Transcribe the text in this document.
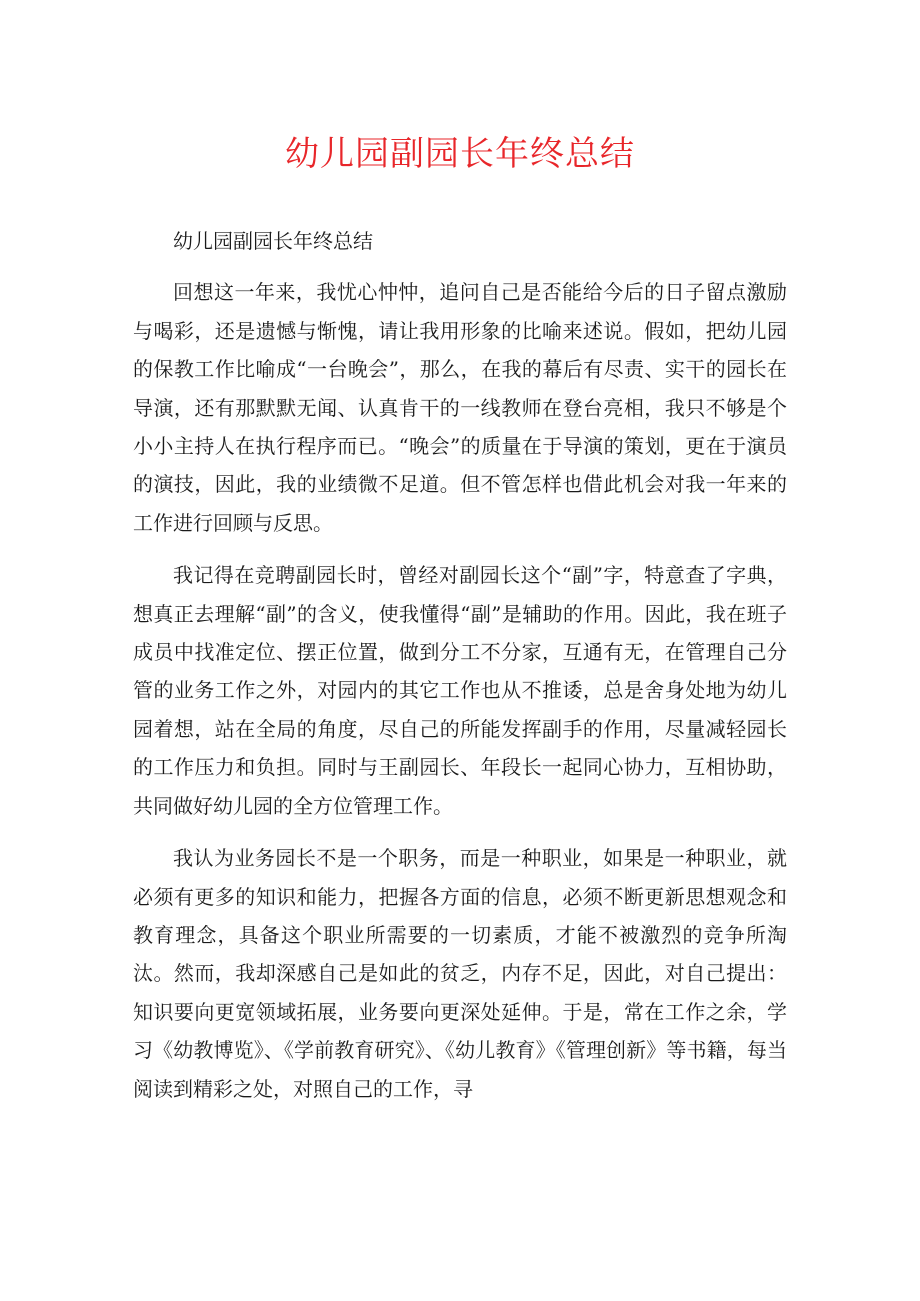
幼儿园副园长年终总结

幼儿园副园长年终总结

回想这一年来，我忧心忡忡，追问自己是否能给今后的日子留点激励与喝彩，还是遗憾与惭愧，请让我用形象的比喻来述说。假如，把幼儿园的保教工作比喻成“一台晚会”，那么，在我的幕后有尽责、实干的园长在导演，还有那默默无闻、认真肯干的一线教师在登台亮相，我只不够是个小小主持人在执行程序而已。“晚会”的质量在于导演的策划，更在于演员的演技，因此，我的业绩微不足道。但不管怎样也借此机会对我一年来的工作进行回顾与反思。

我记得在竞聘副园长时，曾经对副园长这个“副”字，特意查了字典，想真正去理解“副”的含义，使我懂得“副”是辅助的作用。因此，我在班子成员中找准定位、摆正位置，做到分工不分家，互通有无，在管理自己分管的业务工作之外，对园内的其它工作也从不推诿，总是舍身处地为幼儿园着想，站在全局的角度，尽自己的所能发挥副手的作用，尽量减轻园长的工作压力和负担。同时与王副园长、年段长一起同心协力，互相协助，共同做好幼儿园的全方位管理工作。

我认为业务园长不是一个职务，而是一种职业，如果是一种职业，就必须有更多的知识和能力，把握各方面的信息，必须不断更新思想观念和教育理念，具备这个职业所需要的一切素质，才能不被激烈的竞争所淘汰。然而，我却深感自己是如此的贫乏，内存不足，因此，对自己提出：知识要向更宽领域拓展，业务要向更深处延伸。于是，常在工作之余，学习《幼教博览》、《学前教育研究》、《幼儿教育》《管理创新》等书籍，每当阅读到精彩之处，对照自己的工作，寻
